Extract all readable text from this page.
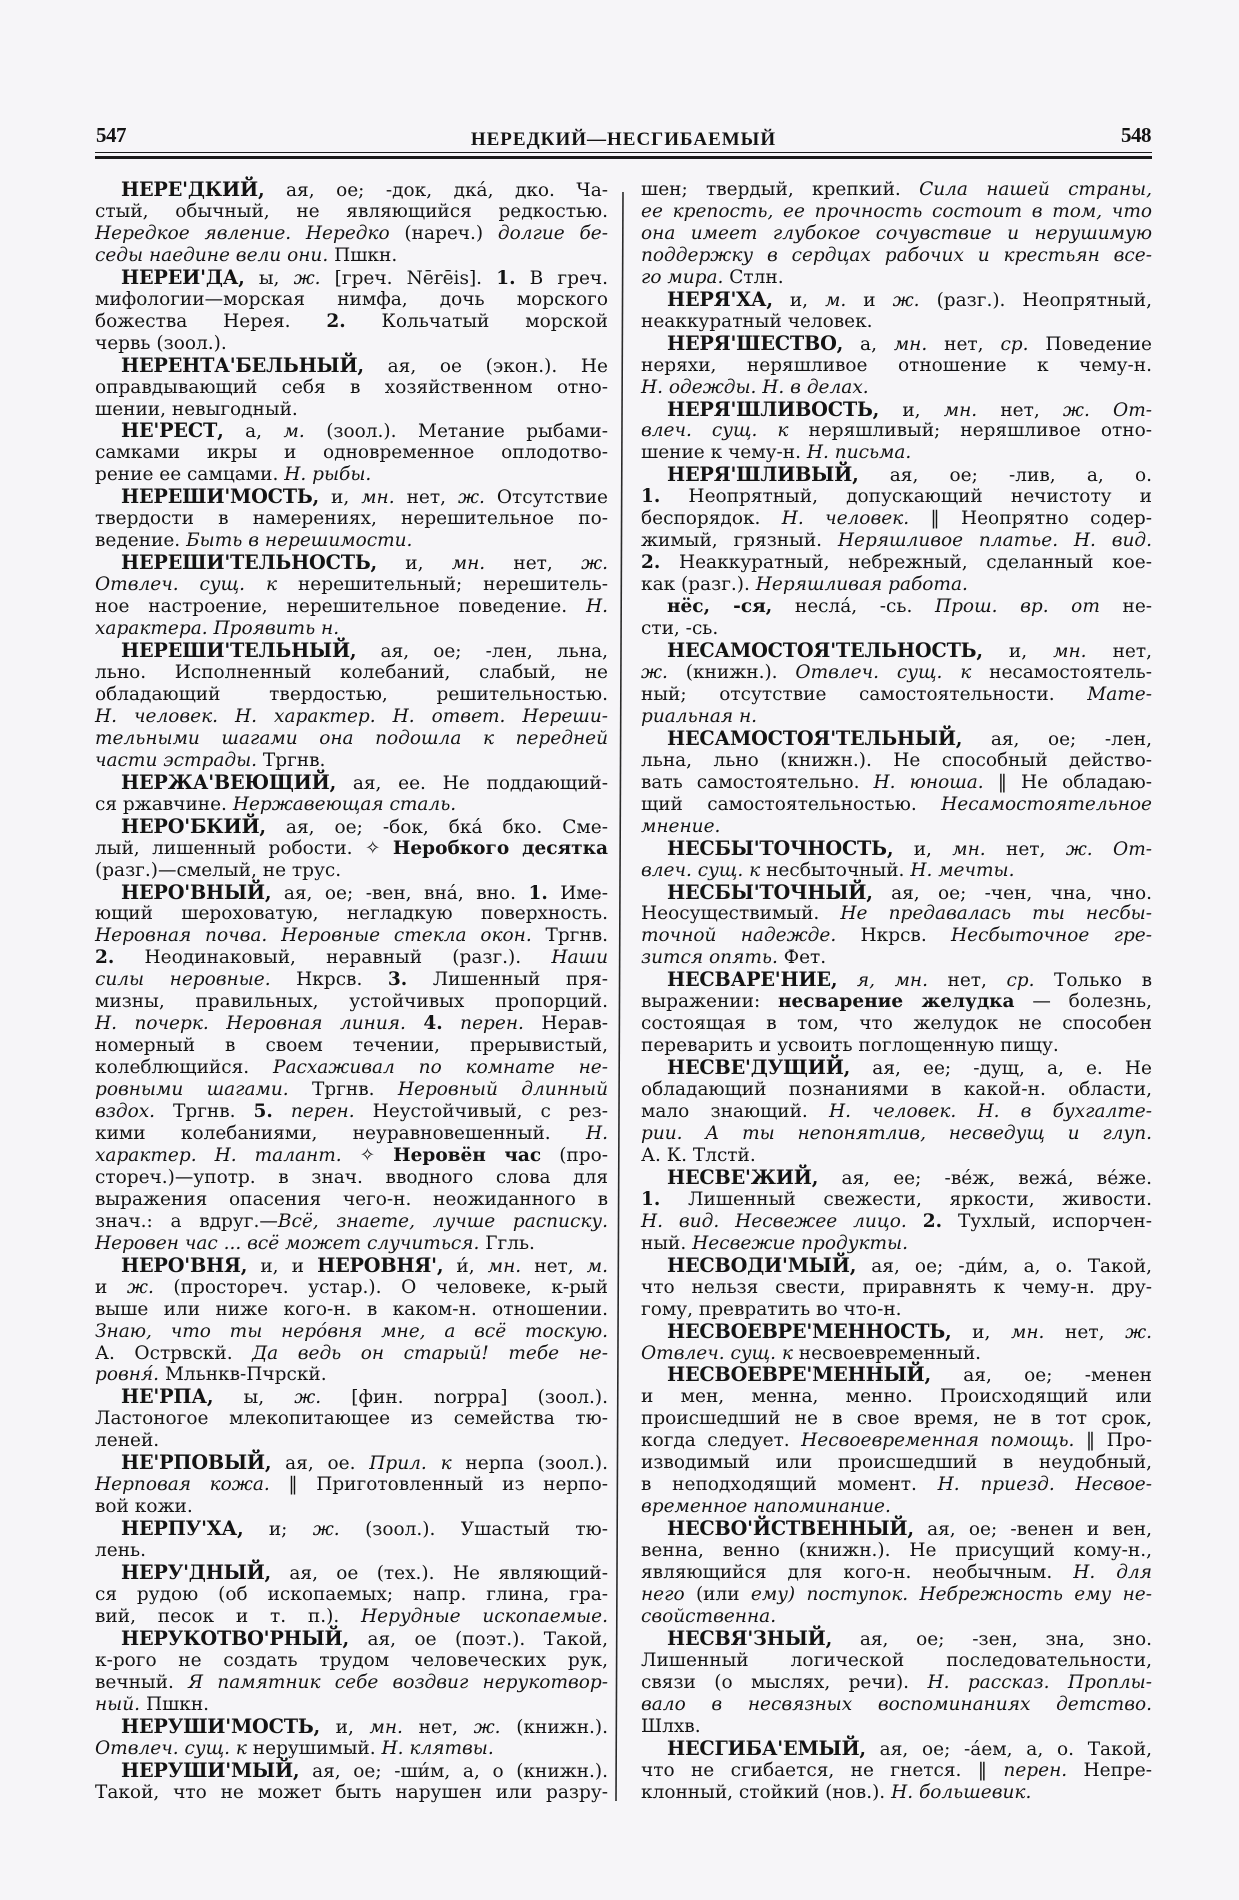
547	НЕРЕДКИЙ—НЕСГИБАЕМЫЙ	548
НЕРЕ'ДКИЙ, ая, ое; -док, дка́, дко. Ча-
стый, обычный, не являющийся редкостью.
Нередкое явление. Нередко (нареч.) долгие бе-
седы наедине вели они. Пшкн.
НЕРЕИ'ДА, ы, ж. [греч. Nērēis]. 1. В греч.
мифологии—морская нимфа, дочь морского
божества Нерея. 2. Кольчатый морской
червь (зоол.).
НЕРЕНТА'БЕЛЬНЫЙ, ая, ое (экон.). Не
оправдывающий себя в хозяйственном отно-
шении, невыгодный.
НЕ'РЕСТ, а, м. (зоол.). Метание рыбами-
самками икры и одновременное оплодотво-
рение ее самцами. Н. рыбы.
НЕРЕШИ'МОСТЬ, и, мн. нет, ж. Отсутствие
твердости в намерениях, нерешительное по-
ведение. Быть в нерешимости.
НЕРЕШИ'ТЕЛЬНОСТЬ, и, мн. нет, ж.
Отвлеч. сущ. к нерешительный; нерешитель-
ное настроение, нерешительное поведение. Н.
характера. Проявить н.
НЕРЕШИ'ТЕЛЬНЫЙ, ая, ое; -лен, льна,
льно. Исполненный колебаний, слабый, не
обладающий твердостью, решительностью.
Н. человек. Н. характер. Н. ответ. Нереши-
тельными шагами она подошла к передней
части эстрады. Тргнв.
НЕРЖА'ВЕЮЩИЙ, ая, ее. Не поддающий-
ся ржавчине. Нержавеющая сталь.
НЕРО'БКИЙ, ая, ое; -бок, бка́ бко. Сме-
лый, лишенный робости. ✧ Неробкого десятка
(разг.)—смелый, не трус.
НЕРО'ВНЫЙ, ая, ое; -вен, вна́, вно. 1. Име-
ющий шероховатую, негладкую поверхность.
Неровная почва. Неровные стекла окон. Тргнв.
2. Неодинаковый, неравный (разг.). Наши
силы неровные. Нкрсв. 3. Лишенный пря-
мизны, правильных, устойчивых пропорций.
Н. почерк. Неровная линия. 4. перен. Нерав-
номерный в своем течении, прерывистый,
колеблющийся. Расхаживал по комнате не-
ровными шагами. Тргнв. Неровный длинный
вздох. Тргнв. 5. перен. Неустойчивый, с рез-
кими колебаниями, неуравновешенный. Н.
характер. Н. талант. ✧ Неровён час (про-
стореч.)—употр. в знач. вводного слова для
выражения опасения чего-н. неожиданного в
знач.: а вдруг.—Всё, знаете, лучше расписку.
Неровен час ... всё может случиться. Ггль.
НЕРО'ВНЯ, и, и НЕРОВНЯ', и́, мн. нет, м.
и ж. (простореч. устар.). О человеке, к-рый
выше или ниже кого-н. в каком-н. отношении.
Знаю, что ты неро́вня мне, а всё тоскую.
А. Острвскй. Да ведь он старый! тебе не-
ровня́. Мльнкв-Пчрскй.
НЕ'РПА, ы, ж. [фин. norppa] (зоол.).
Ластоногое млекопитающее из семейства тю-
леней.
НЕ'РПОВЫЙ, ая, ое. Прил. к нерпа (зоол.).
Нерповая кожа. ‖ Приготовленный из нерпо-
вой кожи.
НЕРПУ'ХА, и; ж. (зоол.). Ушастый тю-
лень.
НЕРУ'ДНЫЙ, ая, ое (тех.). Не являющий-
ся рудою (об ископаемых; напр. глина, гра-
вий, песок и т. п.). Нерудные ископаемые.
НЕРУКОТВО'РНЫЙ, ая, ое (поэт.). Такой,
к-рого не создать трудом человеческих рук,
вечный. Я памятник себе воздвиг нерукотвор-
ный. Пшкн.
НЕРУШИ'МОСТЬ, и, мн. нет, ж. (книжн.).
Отвлеч. сущ. к нерушимый. Н. клятвы.
НЕРУШИ'МЫЙ, ая, ое; -ши́м, а, о (книжн.).
Такой, что не может быть нарушен или разру-
шен; твердый, крепкий. Сила нашей страны,
ее крепость, ее прочность состоит в том, что
она имеет глубокое сочувствие и нерушимую
поддержку в сердцах рабочих и крестьян все-
го мира. Стлн.
НЕРЯ'ХА, и, м. и ж. (разг.). Неопрятный,
неаккуратный человек.
НЕРЯ'ШЕСТВО, а, мн. нет, ср. Поведение
неряхи, неряшливое отношение к чему-н.
Н. одежды. Н. в делах.
НЕРЯ'ШЛИВОСТЬ, и, мн. нет, ж. От-
влеч. сущ. к неряшливый; неряшливое отно-
шение к чему-н. Н. письма.
НЕРЯ'ШЛИВЫЙ, ая, ое; -лив, а, о.
1. Неопрятный, допускающий нечистоту и
беспорядок. Н. человек. ‖ Неопрятно содер-
жимый, грязный. Неряшливое платье. Н. вид.
2. Неаккуратный, небрежный, сделанный кое-
как (разг.). Неряшливая работа.
нёс, -ся, несла́, -сь. Прош. вр. от не-
сти, -сь.
НЕСАМОСТОЯ'ТЕЛЬНОСТЬ, и, мн. нет,
ж. (книжн.). Отвлеч. сущ. к несамостоятель-
ный; отсутствие самостоятельности. Мате-
риальная н.
НЕСАМОСТОЯ'ТЕЛЬНЫЙ, ая, ое; -лен,
льна, льно (книжн.). Не способный действо-
вать самостоятельно. Н. юноша. ‖ Не обладаю-
щий самостоятельностью. Несамостоятельное
мнение.
НЕСБЫ'ТОЧНОСТЬ, и, мн. нет, ж. От-
влеч. сущ. к несбыточный. Н. мечты.
НЕСБЫ'ТОЧНЫЙ, ая, ое; -чен, чна, чно.
Неосуществимый. Не предавалась ты несбы-
точной надежде. Нкрсв. Несбыточное гре-
зится опять. Фет.
НЕСВАРЕ'НИЕ, я, мн. нет, ср. Только в
выражении: несварение желудка — болезнь,
состоящая в том, что желудок не способен
переварить и усвоить поглощенную пищу.
НЕСВЕ'ДУЩИЙ, ая, ее; -дущ, а, е. Не
обладающий познаниями в какой-н. области,
мало знающий. Н. человек. Н. в бухгалте-
рии. А ты непонятлив, несведущ и глуп.
А. К. Тлстй.
НЕСВЕ'ЖИЙ, ая, ее; -ве́ж, вежа́, ве́же.
1. Лишенный свежести, яркости, живости.
Н. вид. Несвежее лицо. 2. Тухлый, испорчен-
ный. Несвежие продукты.
НЕСВОДИ'МЫЙ, ая, ое; -ди́м, а, о. Такой,
что нельзя свести, приравнять к чему-н. дру-
гому, превратить во что-н.
НЕСВОЕВРЕ'МЕННОСТЬ, и, мн. нет, ж.
Отвлеч. сущ. к несвоевременный.
НЕСВОЕВРЕ'МЕННЫЙ, ая, ое; -менен
и мен, менна, менно. Происходящий или
происшедший не в свое время, не в тот срок,
когда следует. Несвоевременная помощь. ‖ Про-
изводимый или происшедший в неудобный,
в неподходящий момент. Н. приезд. Несвое-
временное напоминание.
НЕСВО'ЙСТВЕННЫЙ, ая, ое; -венен и вен,
венна, венно (книжн.). Не присущий кому-н.,
являющийся для кого-н. необычным. Н. для
него (или ему) поступок. Небрежность ему не-
свойственна.
НЕСВЯ'ЗНЫЙ, ая, ое; -зен, зна, зно.
Лишенный логической последовательности,
связи (о мыслях, речи). Н. рассказ. Проплы-
вало в несвязных воспоминаниях детство.
Шлхв.
НЕСГИБА'ЕМЫЙ, ая, ое; -а́ем, а, о. Такой,
что не сгибается, не гнется. ‖ перен. Непре-
клонный, стойкий (нов.). Н. большевик.
